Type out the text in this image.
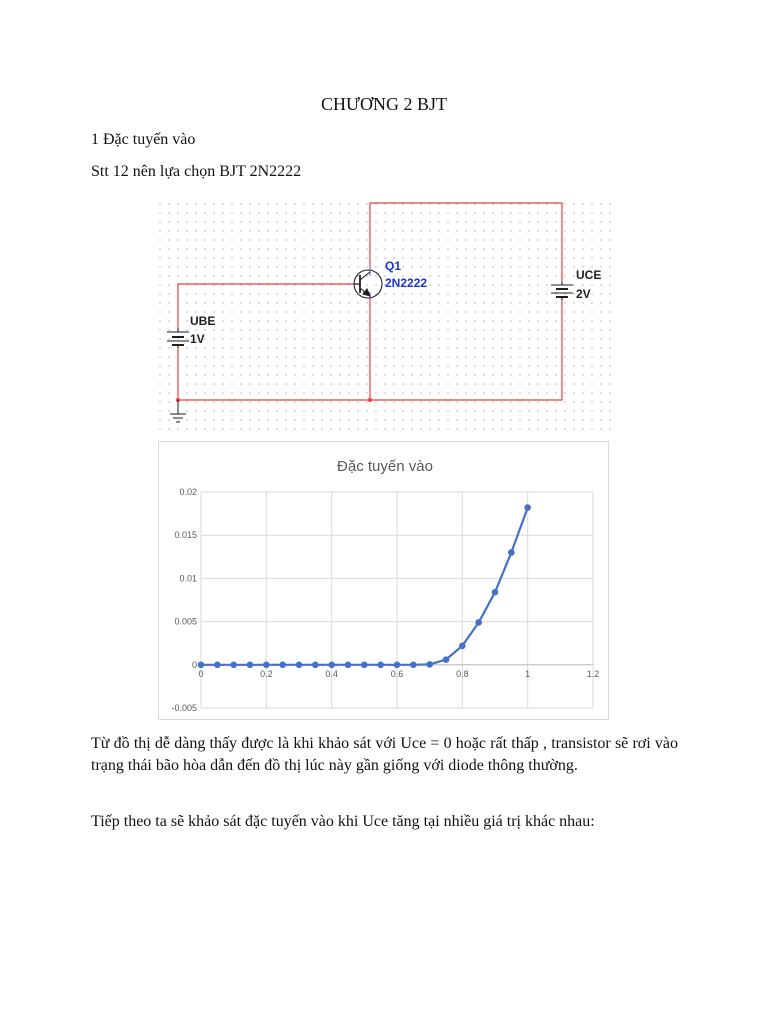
CHƯƠNG 2 BJT
1 Đặc tuyến vào
Stt 12 nên lựa chọn BJT 2N2222
Q1
2N2222
UBE
1V
UCE
2V
Đặc tuyến vào
0.02
0.015
0.01
0.005
0
-0.005
0	0.2	0.4	0.6	0.8	1	1.2
Từ đồ thị dễ dàng thấy được là khi khảo sát với Uce = 0 hoặc rất thấp , transistor sẽ rơi vào trạng thái bão hòa dẫn đến đồ thị lúc này gần giống với diode thông thường.
Tiếp theo ta sẽ khảo sát đặc tuyến vào khi Uce tăng tại nhiều giá trị khác nhau:
